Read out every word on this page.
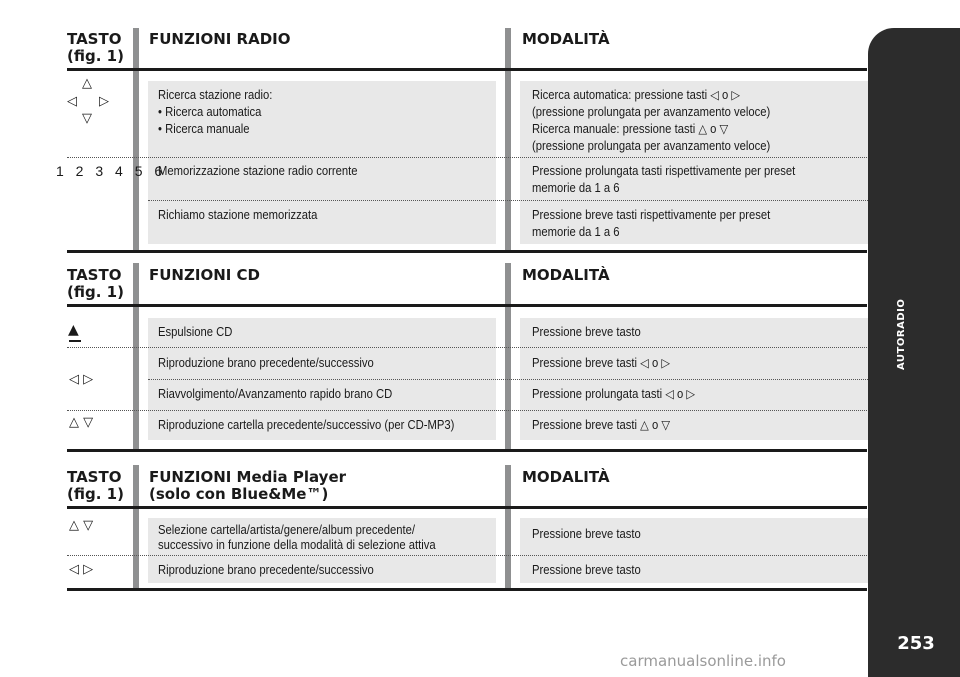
TASTO
(fig. 1)
FUNZIONI RADIO	MODALITÀ
△
◁ ▷
▽
1 2 3 4 5 6
Ricerca stazione radio:
• Ricerca automatica
• Ricerca manuale
Memorizzazione stazione radio corrente
Richiamo stazione memorizzata
Ricerca automatica: pressione tasti ◁ o ▷
(pressione prolungata per avanzamento veloce)
Ricerca manuale: pressione tasti △ o ▽
(pressione prolungata per avanzamento veloce)
Pressione prolungata tasti rispettivamente per preset
memorie da 1 a 6
Pressione breve tasti rispettivamente per preset
memorie da 1 a 6
TASTO
(fig. 1)
FUNZIONI CD	MODALITÀ
▲
◁ ▷
△ ▽
Espulsione CD
Riproduzione brano precedente/successivo
Riavvolgimento/Avanzamento rapido brano CD
Riproduzione cartella precedente/successivo (per CD-MP3)
Pressione breve tasto
Pressione breve tasti ◁ o ▷
Pressione prolungata tasti ◁ o ▷
Pressione breve tasti △ o ▽
TASTO
(fig. 1)
FUNZIONI Media Player
(solo con Blue&Me™)
MODALITÀ
△ ▽
◁ ▷
Selezione cartella/artista/genere/album precedente/
successivo in funzione della modalità di selezione attiva
Riproduzione brano precedente/successivo
Pressione breve tasto
Pressione breve tasto
AUTORADIO
253
carmanualsonline.info
